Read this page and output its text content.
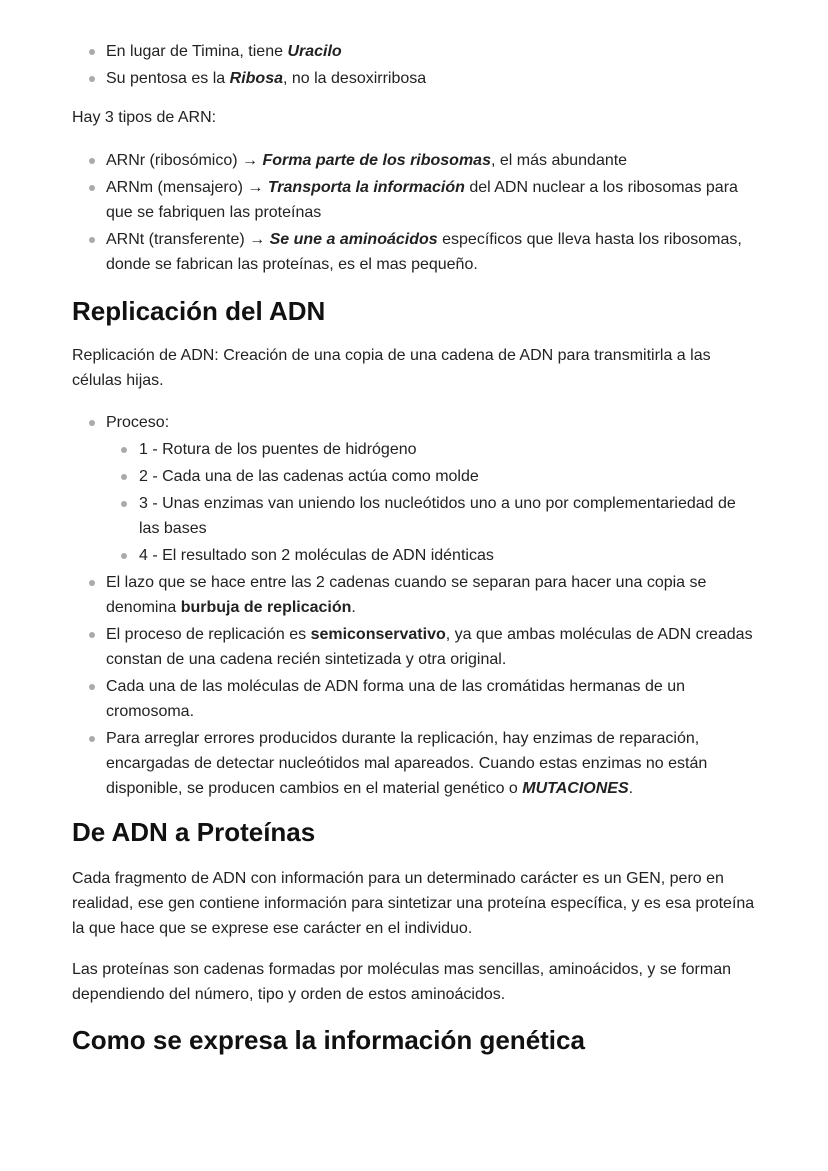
En lugar de Timina, tiene Uracilo
Su pentosa es la Ribosa, no la desoxirribosa

Hay 3 tipos de ARN:

ARNr (ribosómico) → Forma parte de los ribosomas, el más abundante
ARNm (mensajero) → Transporta la información del ADN nuclear a los ribosomas para que se fabriquen las proteínas
ARNt (transferente) → Se une a aminoácidos específicos que lleva hasta los ribosomas, donde se fabrican las proteínas, es el mas pequeño.
Replicación del ADN

Replicación de ADN: Creación de una copia de una cadena de ADN para transmitirla a las células hijas.

Proceso:
1 - Rotura de los puentes de hidrógeno
2 - Cada una de las cadenas actúa como molde
3 - Unas enzimas van uniendo los nucleótidos uno a uno por complementariedad de las bases
4 - El resultado son 2 moléculas de ADN idénticas
El lazo que se hace entre las 2 cadenas cuando se separan para hacer una copia se denomina burbuja de replicación.
El proceso de replicación es semiconservativo, ya que ambas moléculas de ADN creadas constan de una cadena recién sintetizada y otra original.
Cada una de las moléculas de ADN forma una de las cromátidas hermanas de un cromosoma.
Para arreglar errores producidos durante la replicación, hay enzimas de reparación, encargadas de detectar nucleótidos mal apareados. Cuando estas enzimas no están disponible, se producen cambios en el material genético o MUTACIONES.
De ADN a Proteínas

Cada fragmento de ADN con información para un determinado carácter es un GEN, pero en realidad, ese gen contiene información para sintetizar una proteína específica, y es esa proteína la que hace que se exprese ese carácter en el individuo.

Las proteínas son cadenas formadas por moléculas mas sencillas, aminoácidos, y se forman dependiendo del número, tipo y orden de estos aminoácidos.

Como se expresa la información genética
